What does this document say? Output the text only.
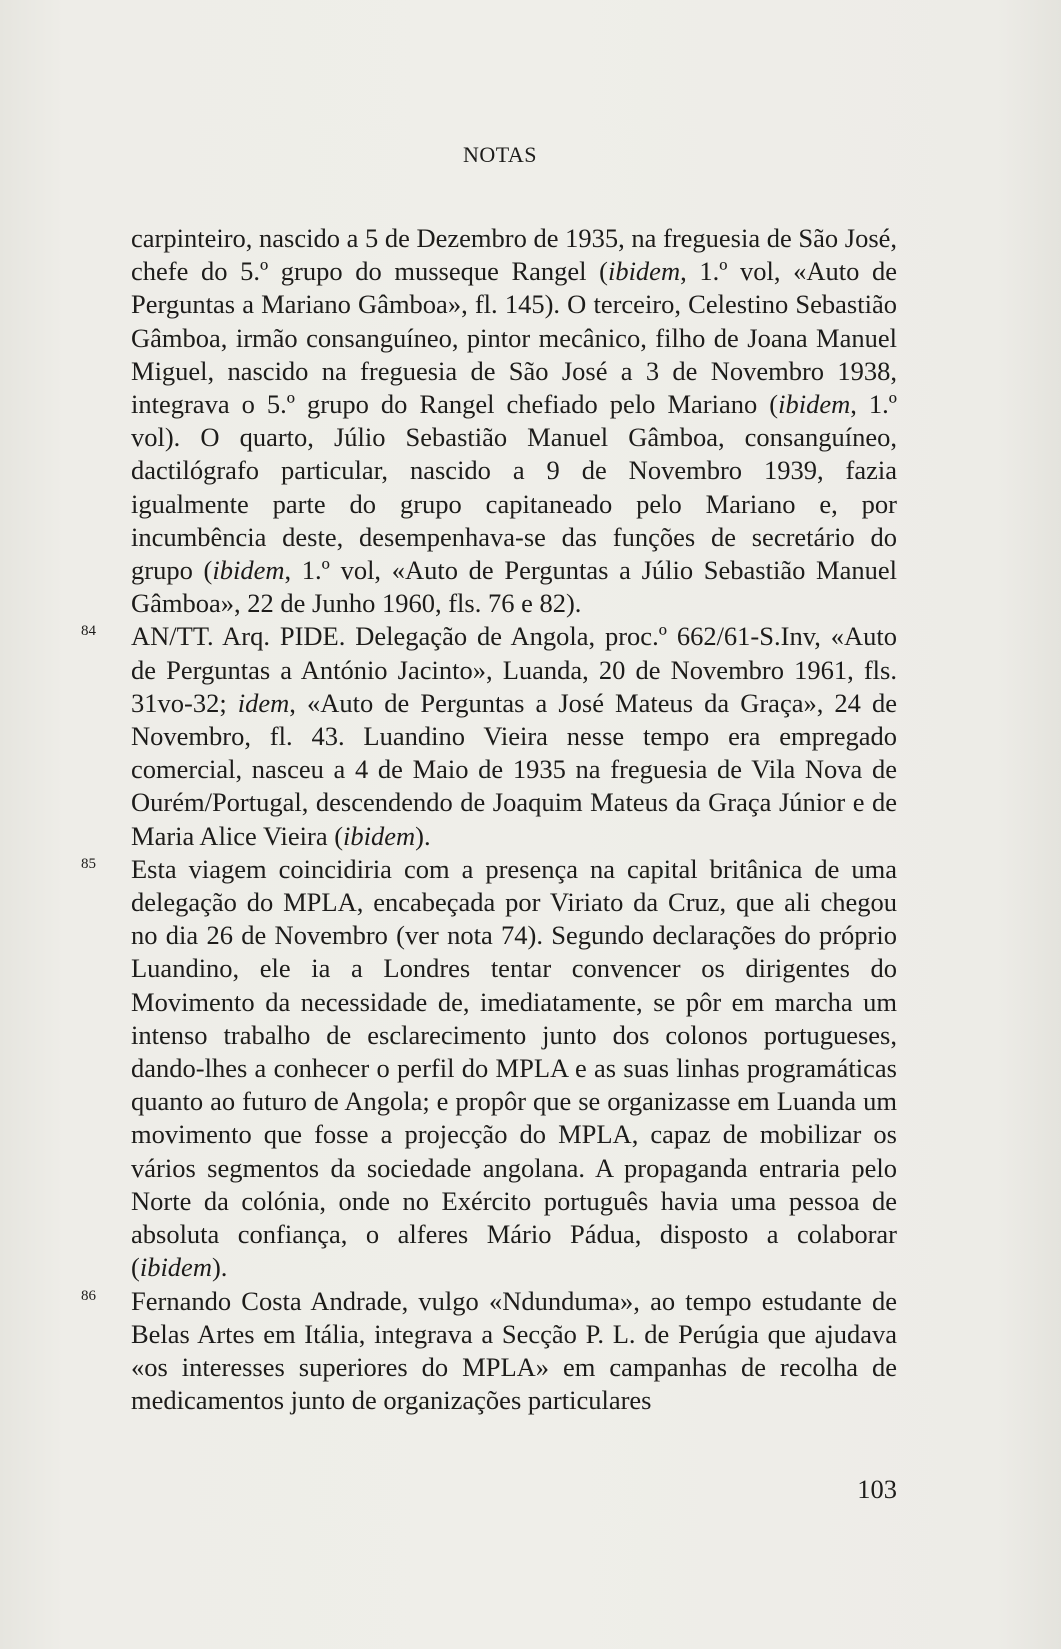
NOTAS
carpinteiro, nascido a 5 de Dezembro de 1935, na freguesia de São José, chefe do 5.º grupo do musseque Rangel (ibidem, 1.º vol, «Auto de Perguntas a Mariano Gâmboa», fl. 145). O terceiro, Celestino Sebastião Gâmboa, irmão consanguíneo, pintor mecânico, filho de Joana Manuel Miguel, nascido na freguesia de São José a 3 de Novembro 1938, integrava o 5.º grupo do Rangel chefiado pelo Mariano (ibidem, 1.º vol). O quarto, Júlio Sebastião Manuel Gâmboa, consanguíneo, dactilógrafo particular, nascido a 9 de Novembro 1939, fazia igualmente parte do grupo capitaneado pelo Mariano e, por incumbência deste, desempenhava-se das funções de secretário do grupo (ibidem, 1.º vol, «Auto de Perguntas a Júlio Sebastião Manuel Gâmboa», 22 de Junho 1960, fls. 76 e 82).
84	AN/TT. Arq. PIDE. Delegação de Angola, proc.º 662/61-S.Inv, «Auto de Perguntas a António Jacinto», Luanda, 20 de Novembro 1961, fls. 31vo-32; idem, «Auto de Perguntas a José Mateus da Graça», 24 de Novembro, fl. 43. Luandino Vieira nesse tempo era empregado comercial, nasceu a 4 de Maio de 1935 na freguesia de Vila Nova de Ourém/Portugal, descendendo de Joaquim Mateus da Graça Júnior e de Maria Alice Vieira (ibidem).
85	Esta viagem coincidiria com a presença na capital britânica de uma delegação do MPLA, encabeçada por Viriato da Cruz, que ali chegou no dia 26 de Novembro (ver nota 74). Segundo declarações do próprio Luandino, ele ia a Londres tentar convencer os dirigentes do Movimento da necessidade de, imediatamente, se pôr em marcha um intenso trabalho de esclarecimento junto dos colonos portugueses, dando-lhes a conhecer o perfil do MPLA e as suas linhas programáticas quanto ao futuro de Angola; e propôr que se organizasse em Luanda um movimento que fosse a projecção do MPLA, capaz de mobilizar os vários segmentos da sociedade angolana. A propaganda entraria pelo Norte da colónia, onde no Exército português havia uma pessoa de absoluta confiança, o alferes Mário Pádua, disposto a colaborar (ibidem).
86	Fernando Costa Andrade, vulgo «Ndunduma», ao tempo estudante de Belas Artes em Itália, integrava a Secção P. L. de Perúgia que ajudava «os interesses superiores do MPLA» em campanhas de recolha de medicamentos junto de organizações particulares
103
